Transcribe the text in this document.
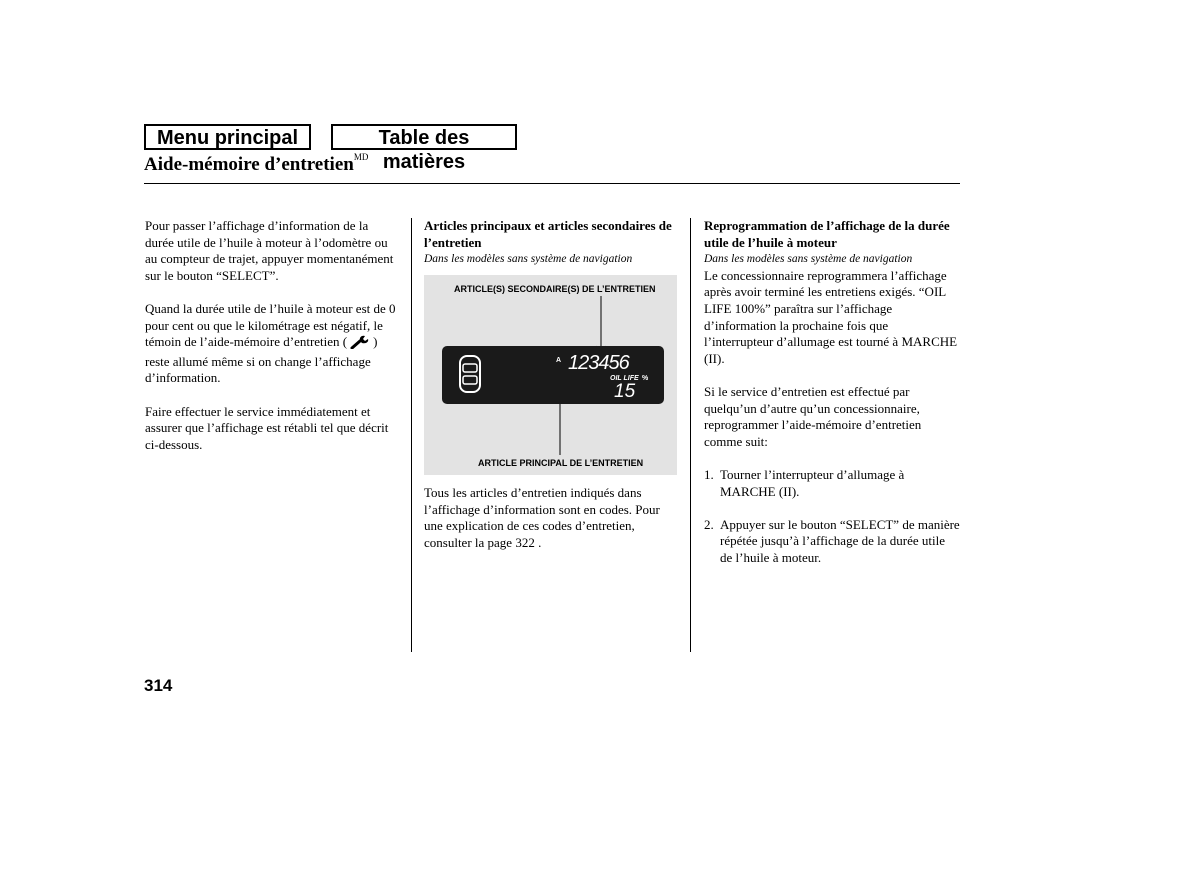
Menu principal	Table des matières
Aide-mémoire d’entretien$^{MD}$

Pour passer l’affichage d’information de la durée utile de l’huile à moteur à l’odomètre ou au compteur de trajet, appuyer momentanément sur le bouton “SELECT”.

Quand la durée utile de l’huile à moteur est de 0 pour cent ou que le kilométrage est négatif, le témoin de l’aide-mémoire d’entretien ( ) reste allumé même si on change l’affichage d’information.

Faire effectuer le service immédiatement et assurer que l’affichage est rétabli tel que décrit ci-dessous.

Articles principaux et articles secondaires de l’entretien

Dans les modèles sans système de navigation

ARTICLE(S) SECONDAIRE(S) DE L’ENTRETIEN
A 123456
OIL LIFE %
15
ARTICLE PRINCIPAL DE L’ENTRETIEN

Tous les articles d’entretien indiqués dans l’affichage d’information sont en codes. Pour une explication de ces codes d’entretien, consulter la page 322 .

Reprogrammation de l’affichage de la durée utile de l’huile à moteur

Dans les modèles sans système de navigation

Le concessionnaire reprogrammera l’affichage après avoir terminé les entretiens exigés. “OIL LIFE 100%” paraîtra sur l’affichage d’information la prochaine fois que l’interrupteur d’allumage est tourné à MARCHE (II).

Si le service d’entretien est effectué par quelqu’un d’autre qu’un concessionnaire, reprogrammer l’aide-mémoire d’entretien comme suit:

1. Tourner l’interrupteur d’allumage à MARCHE (II).
2. Appuyer sur le bouton “SELECT” de manière répétée jusqu’à l’affichage de la durée utile de l’huile à moteur.
314
